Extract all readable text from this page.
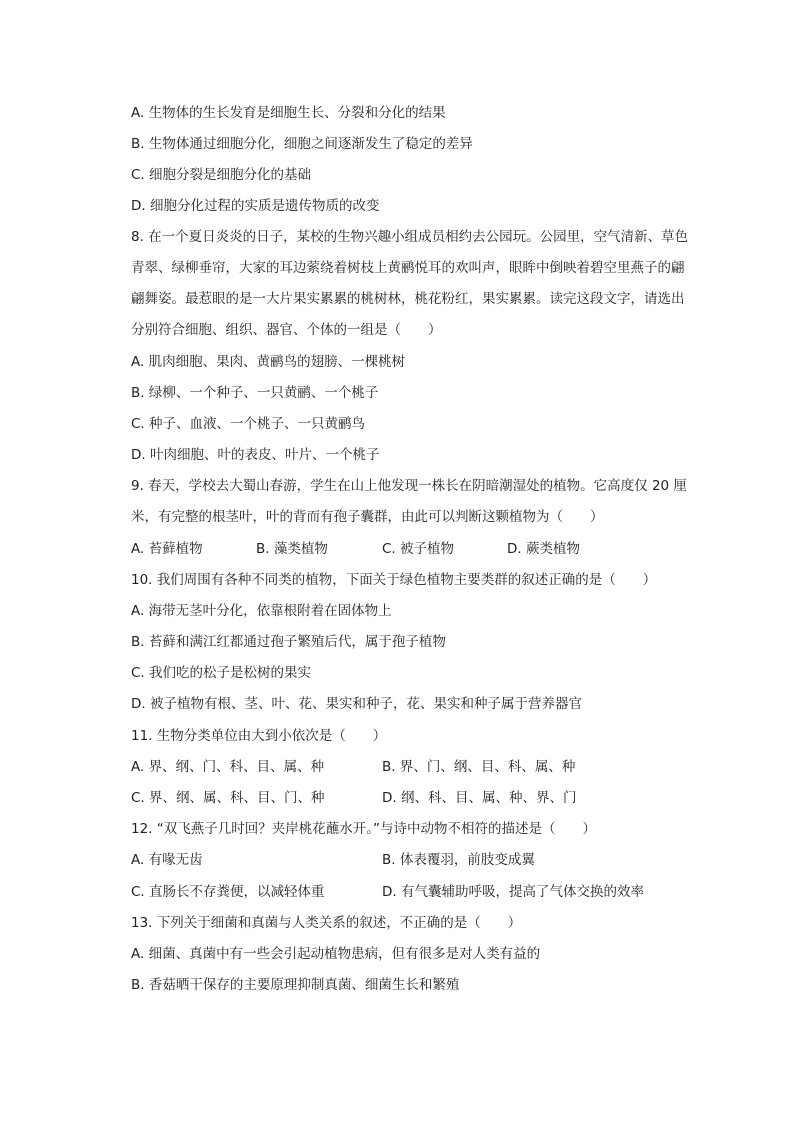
A. 生物体的生长发育是细胞生长、分裂和分化的结果
B. 生物体通过细胞分化，细胞之间逐渐发生了稳定的差异
C. 细胞分裂是细胞分化的基础
D. 细胞分化过程的实质是遗传物质的改变
8. 在一个夏日炎炎的日子，某校的生物兴趣小组成员相约去公园玩。公园里，空气清新、草色青翠、绿柳垂帘，大家的耳边萦绕着树枝上黄鹂悦耳的欢叫声，眼眸中倒映着碧空里燕子的翩翩舞姿。最惹眼的是一大片果实累累的桃树林，桃花粉红，果实累累。读完这段文字，请选出分别符合细胞、组织、器官、个体的一组是（　　）
A. 肌肉细胞、果肉、黄鹂鸟的翅膀、一棵桃树
B. 绿柳、一个种子、一只黄鹂、一个桃子
C. 种子、血液、一个桃子、一只黄鹂鸟
D. 叶肉细胞、叶的表皮、叶片、一个桃子
9. 春天，学校去大蜀山春游，学生在山上他发现一株长在阴暗潮湿处的植物。它高度仅 20 厘米，有完整的根茎叶，叶的背而有孢子囊群，由此可以判断这颗植物为（　　）
A. 苔藓植物	B. 藻类植物	C. 被子植物	D. 蕨类植物
10. 我们周围有各种不同类的植物，下面关于绿色植物主要类群的叙述正确的是（　　）
A. 海带无茎叶分化，依靠根附着在固体物上
B. 苔藓和满江红都通过孢子繁殖后代，属于孢子植物
C. 我们吃的松子是松树的果实
D. 被子植物有根、茎、叶、花、果实和种子，花、果实和种子属于营养器官
11. 生物分类单位由大到小依次是（　　）
A. 界、纲、门、科、目、属、种	B. 界、门、纲、目、科、属、种
C. 界、纲、属、科、目、门、种	D. 纲、科、目、属、种、界、门
12. “双飞燕子几时回？夹岸桃花蘸水开。”与诗中动物不相符的描述是（　　）
A. 有喙无齿	B. 体表覆羽，前肢变成翼
C. 直肠长不存粪便，以减轻体重	D. 有气囊辅助呼吸，提高了气体交换的效率
13. 下列关于细菌和真菌与人类关系的叙述，不正确的是（　　）
A. 细菌、真菌中有一些会引起动植物患病，但有很多是对人类有益的
B. 香菇晒干保存的主要原理抑制真菌、细菌生长和繁殖
